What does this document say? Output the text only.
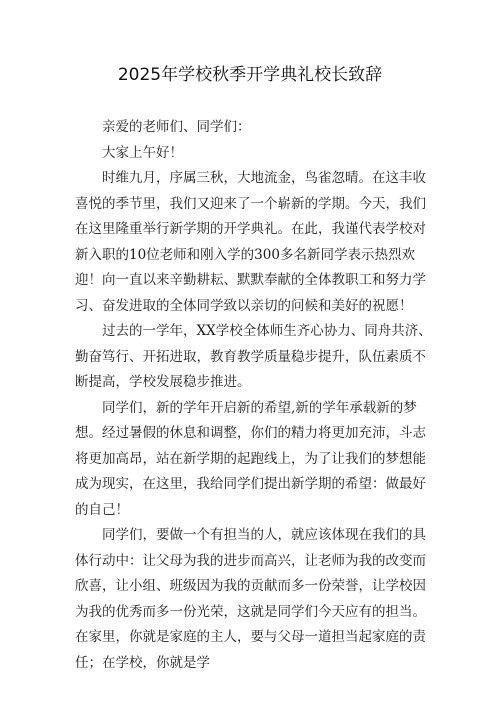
2025年学校秋季开学典礼校长致辞

亲爱的老师们、同学们：

大家上午好！

时维九月，序属三秋，大地流金，鸟雀忽晴。在这丰收喜悦的季节里，我们又迎来了一个崭新的学期。今天，我们在这里隆重举行新学期的开学典礼。在此，我谨代表学校对新入职的10位老师和刚入学的300多名新同学表示热烈欢迎！向一直以来辛勤耕耘、默默奉献的全体教职工和努力学习、奋发进取的全体同学致以亲切的问候和美好的祝愿！

过去的一学年，XX学校全体师生齐心协力、同舟共济、勤奋笃行、开拓进取，教育教学质量稳步提升，队伍素质不断提高，学校发展稳步推进。

同学们，新的学年开启新的希望,新的学年承载新的梦想。经过暑假的休息和调整，你们的精力将更加充沛，斗志将更加高昂，站在新学期的起跑线上，为了让我们的梦想能成为现实，在这里，我给同学们提出新学期的希望：做最好的自己！

同学们，要做一个有担当的人，就应该体现在我们的具体行动中：让父母为我的进步而高兴，让老师为我的改变而欣喜，让小组、班级因为我的贡献而多一份荣誉，让学校因为我的优秀而多一份光荣，这就是同学们今天应有的担当。在家里，你就是家庭的主人，要与父母一道担当起家庭的责任；在学校，你就是学
